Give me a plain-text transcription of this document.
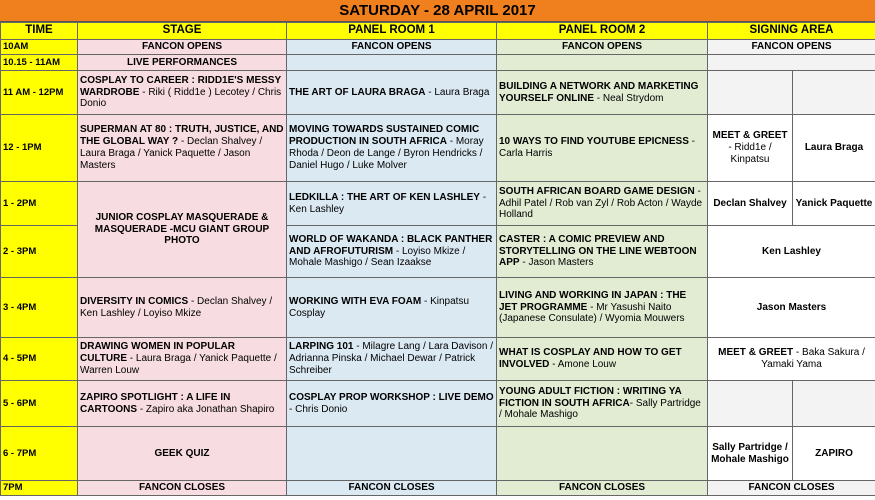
SATURDAY - 28 APRIL 2017
TIME	STAGE	PANEL ROOM 1	PANEL ROOM 2	SIGNING AREA	
10AM	FANCON OPENS	FANCON OPENS	FANCON OPENS	FANCON OPENS	
10.15 - 11AM	LIVE PERFORMANCES				
11 AM - 12PM	COSPLAY TO CAREER : RIDD1E'S MESSY WARDROBE - Riki ( Ridd1e ) Lecotey / Chris Donio	THE ART OF LAURA BRAGA - Laura Braga	BUILDING A NETWORK AND MARKETING YOURSELF ONLINE - Neal Strydom		
12 - 1PM	SUPERMAN AT 80 : TRUTH, JUSTICE, AND THE GLOBAL WAY ? - Declan Shalvey / Laura Braga / Yanick Paquette / Jason Masters	MOVING TOWARDS SUSTAINED COMIC PRODUCTION IN SOUTH AFRICA - Moray Rhoda / Deon de Lange / Byron Hendricks / Daniel Hugo / Luke Molver	10 WAYS TO FIND YOUTUBE EPICNESS - Carla Harris	MEET & GREET - Ridd1e / Kinpatsu	Laura Braga
1 - 2PM	JUNIOR COSPLAY MASQUERADE & MASQUERADE -MCU GIANT GROUP PHOTO	LEDKILLA : THE ART OF KEN LASHLEY - Ken Lashley	SOUTH AFRICAN BOARD GAME DESIGN - Adhil Patel / Rob van Zyl / Rob Acton / Wayde Holland	Declan Shalvey	Yanick Paquette
2 - 3PM		WORLD OF WAKANDA : BLACK PANTHER AND AFROFUTURISM - Loyiso Mkize / Mohale Mashigo / Sean Izaakse	CASTER : A COMIC PREVIEW AND STORYTELLING ON THE LINE WEBTOON APP - Jason Masters	Ken Lashley	
3 - 4PM	DIVERSITY IN COMICS - Declan Shalvey / Ken Lashley / Loyiso Mkize	WORKING WITH EVA FOAM - Kinpatsu Cosplay	LIVING AND WORKING IN JAPAN : THE JET PROGRAMME - Mr Yasushi Naito (Japanese Consulate) / Wyomia Mouwers	Jason Masters	
4 - 5PM	DRAWING WOMEN IN POPULAR CULTURE - Laura Braga / Yanick Paquette / Warren Louw	LARPING 101 - Milagre Lang / Lara Davison / Adrianna Pinska / Michael Dewar / Patrick Schreiber	WHAT IS COSPLAY AND HOW TO GET INVOLVED - Amone Louw	MEET & GREET - Baka Sakura / Yamaki Yama	
5 - 6PM	ZAPIRO SPOTLIGHT : A LIFE IN CARTOONS - Zapiro aka Jonathan Shapiro	COSPLAY PROP WORKSHOP : LIVE DEMO - Chris Donio	YOUNG ADULT FICTION : WRITING YA FICTION IN SOUTH AFRICA- Sally Partridge / Mohale Mashigo		
6 - 7PM	GEEK QUIZ			Sally Partridge / Mohale Mashigo	ZAPIRO
7PM	FANCON CLOSES	FANCON CLOSES	FANCON CLOSES	FANCON CLOSES	
